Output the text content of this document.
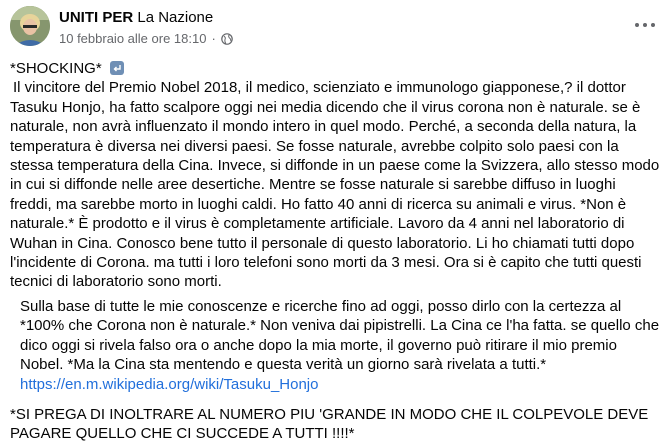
UNITI PER La Nazione
10 febbraio alle ore 18:10 ·

*SHOCKING*

Il vincitore del Premio Nobel 2018, il medico, scienziato e immunologo giapponese,? il dottor Tasuku Honjo, ha fatto scalpore oggi nei media dicendo che il virus corona non è naturale. se è naturale, non avrà influenzato il mondo intero in quel modo. Perché, a seconda della natura, la temperatura è diversa nei diversi paesi. Se fosse naturale, avrebbe colpito solo paesi con la stessa temperatura della Cina. Invece, si diffonde in un paese come la Svizzera, allo stesso modo in cui si diffonde nelle aree desertiche. Mentre se fosse naturale si sarebbe diffuso in luoghi freddi, ma sarebbe morto in luoghi caldi. Ho fatto 40 anni di ricerca su animali e virus. *Non è naturale.* È prodotto e il virus è completamente artificiale. Lavoro da 4 anni nel laboratorio di Wuhan in Cina. Conosco bene tutto il personale di questo laboratorio. Li ho chiamati tutti dopo l'incidente di Corona. ma tutti i loro telefoni sono morti da 3 mesi. Ora si è capito che tutti questi tecnici di laboratorio sono morti.

Sulla base di tutte le mie conoscenze e ricerche fino ad oggi, posso dirlo con la certezza al *100% che Corona non è naturale.* Non veniva dai pipistrelli. La Cina ce l'ha fatta. se quello che dico oggi si rivela falso ora o anche dopo la mia morte, il governo può ritirare il mio premio Nobel. *Ma la Cina sta mentendo e questa verità un giorno sarà rivelata a tutti.*

https://en.m.wikipedia.org/wiki/Tasuku_Honjo

*SI PREGA DI INOLTRARE AL NUMERO PIU 'GRANDE IN MODO CHE IL COLPEVOLE DEVE PAGARE QUELLO CHE CI SUCCEDE A TUTTI !!!!*
